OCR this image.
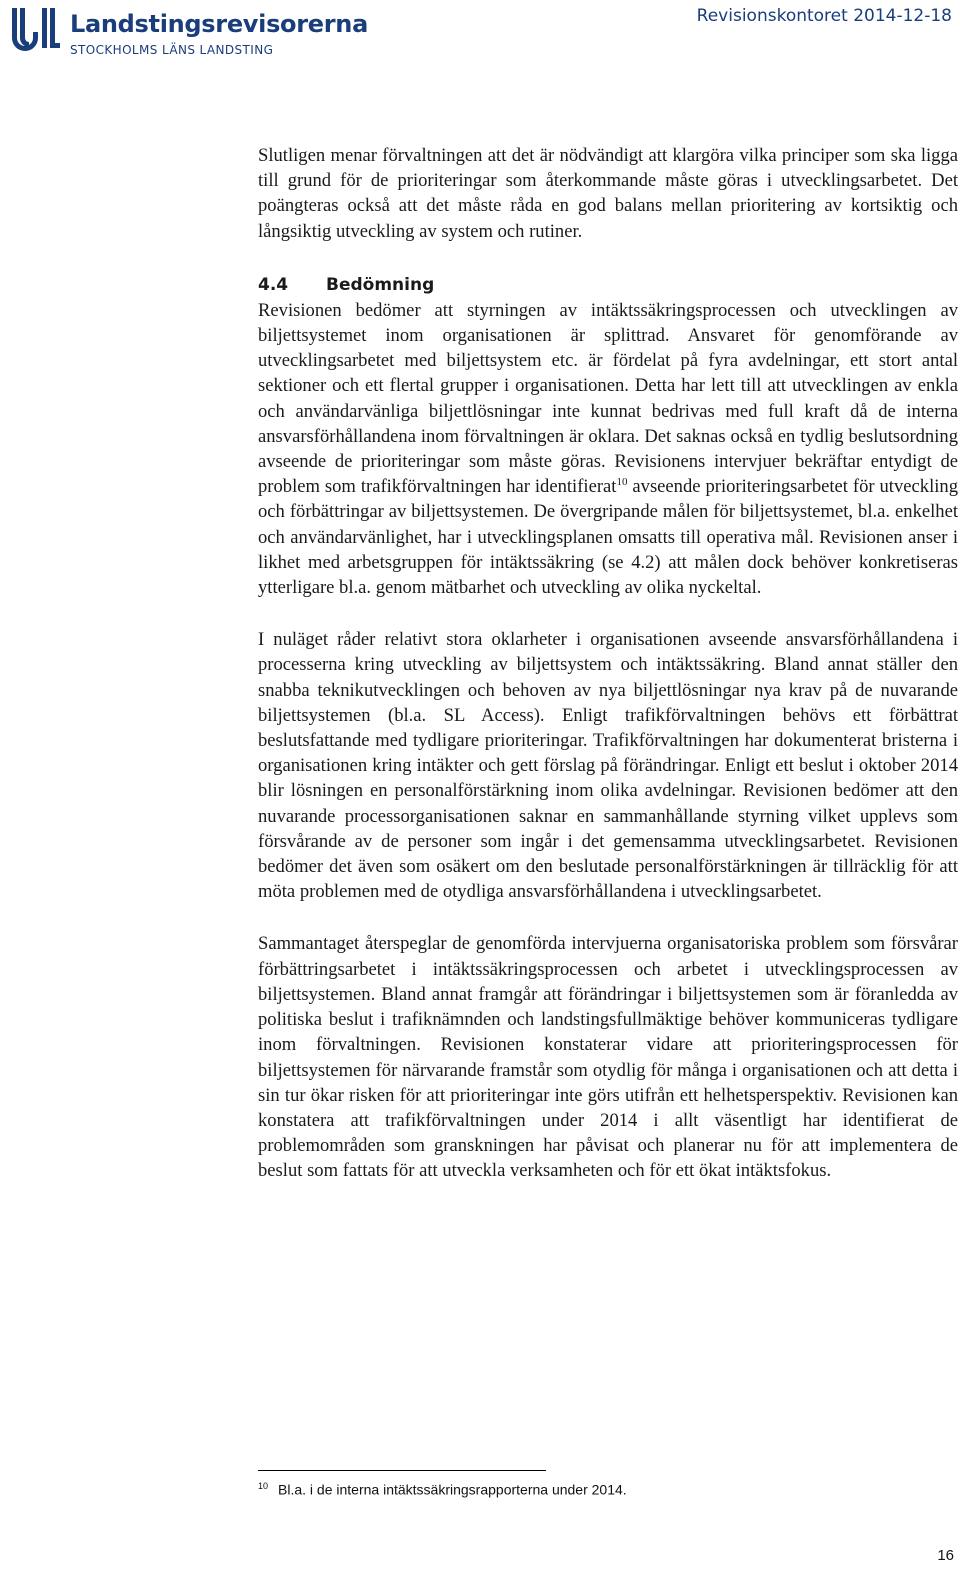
Landstingsrevisorerna
STOCKHOLMS LÄNS LANDSTING
Revisionskontoret 2014-12-18

Slutligen menar förvaltningen att det är nödvändigt att klargöra vilka principer som ska ligga till grund för de prioriteringar som återkommande måste göras i utvecklingsarbetet. Det poängteras också att det måste råda en god balans mellan prioritering av kortsiktig och långsiktig utveckling av system och rutiner.

4.4 Bedömning

Revisionen bedömer att styrningen av intäktssäkringsprocessen och utvecklingen av biljettsystemet inom organisationen är splittrad. Ansvaret för genomförande av utvecklingsarbetet med biljettsystem etc. är fördelat på fyra avdelningar, ett stort antal sektioner och ett flertal grupper i organisationen. Detta har lett till att utvecklingen av enkla och användarvänliga biljettlösningar inte kunnat bedrivas med full kraft då de interna ansvarsförhållandena inom förvaltningen är oklara. Det saknas också en tydlig beslutsordning avseende de prioriteringar som måste göras. Revisionens intervjuer bekräftar entydigt de problem som trafikförvaltningen har identifierat$^{10}$ avseende prioriteringsarbetet för utveckling och förbättringar av biljettsystemen. De övergripande målen för biljettsystemet, bl.a. enkelhet och användarvänlighet, har i utvecklingsplanen omsatts till operativa mål. Revisionen anser i likhet med arbetsgruppen för intäktssäkring (se 4.2) att målen dock behöver konkretiseras ytterligare bl.a. genom mätbarhet och utveckling av olika nyckeltal.

I nuläget råder relativt stora oklarheter i organisationen avseende ansvarsförhållandena i processerna kring utveckling av biljettsystem och intäktssäkring. Bland annat ställer den snabba teknikutvecklingen och behoven av nya biljettlösningar nya krav på de nuvarande biljettsystemen (bl.a. SL Access). Enligt trafikförvaltningen behövs ett förbättrat beslutsfattande med tydligare prioriteringar. Trafikförvaltningen har dokumenterat bristerna i organisationen kring intäkter och gett förslag på förändringar. Enligt ett beslut i oktober 2014 blir lösningen en personalförstärkning inom olika avdelningar. Revisionen bedömer att den nuvarande processorganisationen saknar en sammanhållande styrning vilket upplevs som försvårande av de personer som ingår i det gemensamma utvecklingsarbetet. Revisionen bedömer det även som osäkert om den beslutade personalförstärkningen är tillräcklig för att möta problemen med de otydliga ansvarsförhållandena i utvecklingsarbetet.

Sammantaget återspeglar de genomförda intervjuerna organisatoriska problem som försvårar förbättringsarbetet i intäktssäkringsprocessen och arbetet i utvecklingsprocessen av biljettsystemen. Bland annat framgår att förändringar i biljettsystemen som är föranledda av politiska beslut i trafiknämnden och landstingsfullmäktige behöver kommuniceras tydligare inom förvaltningen. Revisionen konstaterar vidare att prioriteringsprocessen för biljettsystemen för närvarande framstår som otydlig för många i organisationen och att detta i sin tur ökar risken för att prioriteringar inte görs utifrån ett helhetsperspektiv. Revisionen kan konstatera att trafikförvaltningen under 2014 i allt väsentligt har identifierat de problemområden som granskningen har påvisat och planerar nu för att implementera de beslut som fattats för att utveckla verksamheten och för ett ökat intäktsfokus.

$^{10}$ Bl.a. i de interna intäktssäkringsrapporterna under 2014.
16
